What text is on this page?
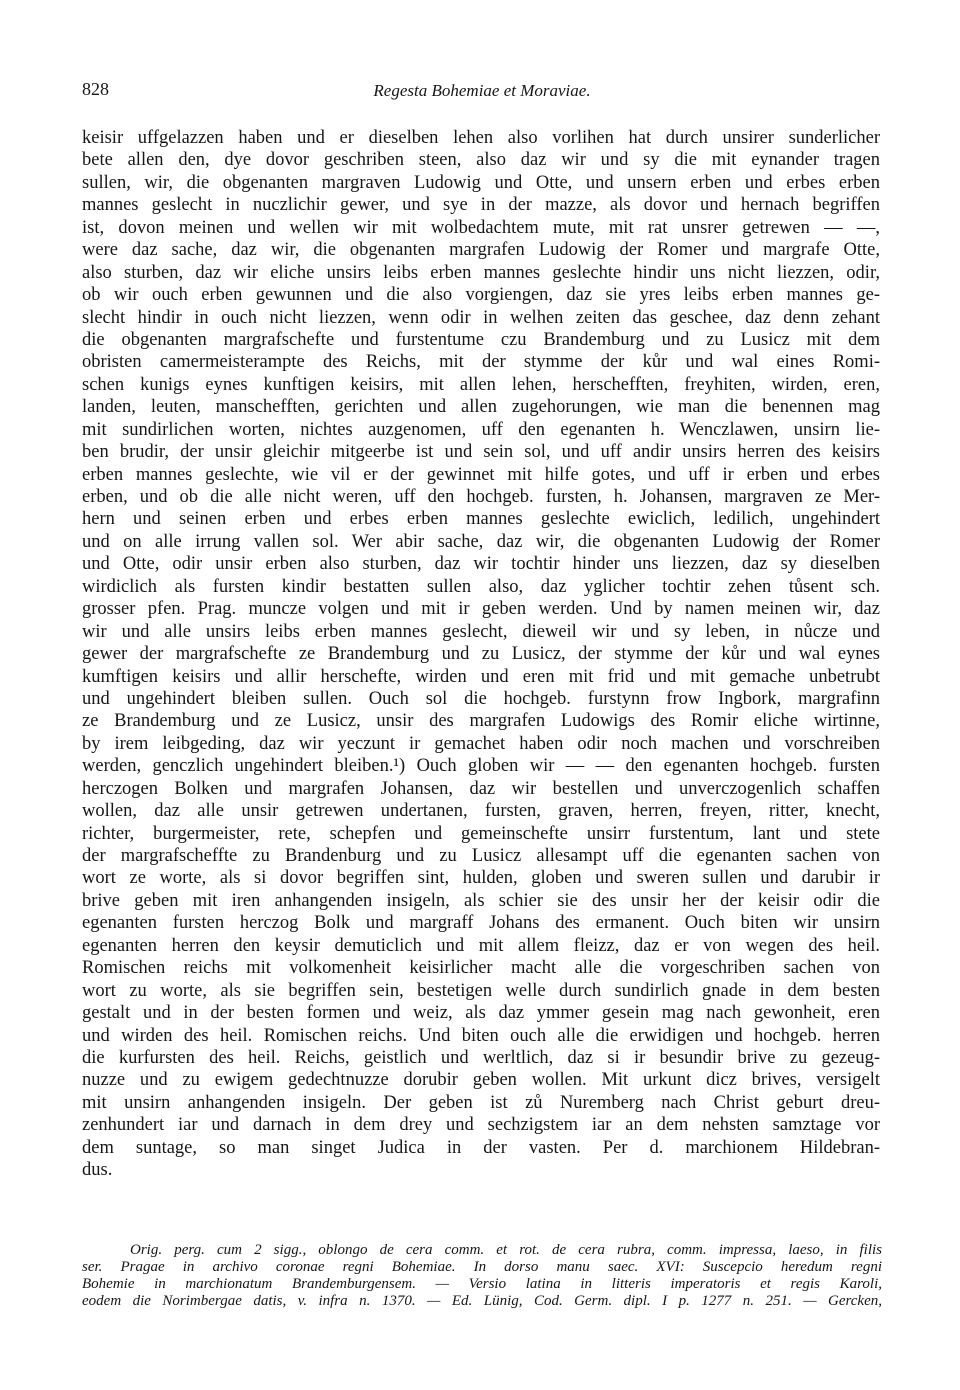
828	Regesta Bohemiae et Moraviae.
keisir uffgelazzen haben und er dieselben lehen also vorlihen hat durch unsirer sunderlicher
bete allen den, dye dovor geschriben steen, also daz wir und sy die mit eynander tragen
sullen, wir, die obgenanten margraven Ludowig und Otte, und unsern erben und erbes erben
mannes geslecht in nuczlichir gewer, und sye in der mazze, als dovor und hernach begriffen
ist, dovon meinen und wellen wir mit wolbedachtem mute, mit rat unsrer getrewen — —,
were daz sache, daz wir, die obgenanten margrafen Ludowig der Romer und margrafe Otte,
also sturben, daz wir eliche unsirs leibs erben mannes geslechte hindir uns nicht liezzen, odir,
ob wir ouch erben gewunnen und die also vorgiengen, daz sie yres leibs erben mannes ge-
slecht hindir in ouch nicht liezzen, wenn odir in welhen zeiten das geschee, daz denn zehant
die obgenanten margrafschefte und furstentume czu Brandemburg und zu Lusicz mit dem
obristen camermeisterampte des Reichs, mit der stymme der kůr und wal eines Romi-
schen kunigs eynes kunftigen keisirs, mit allen lehen, herschefften, freyhiten, wirden, eren,
landen, leuten, manschefften, gerichten und allen zugehorungen, wie man die benennen mag
mit sundirlichen worten, nichtes auzgenomen, uff den egenanten h. Wenczlawen, unsirn lie-
ben brudir, der unsir gleichir mitgeerbe ist und sein sol, und uff andir unsirs herren des keisirs
erben mannes geslechte, wie vil er der gewinnet mit hilfe gotes, und uff ir erben und erbes
erben, und ob die alle nicht weren, uff den hochgeb. fursten, h. Johansen, margraven ze Mer-
hern und seinen erben und erbes erben mannes geslechte ewiclich, ledilich, ungehindert
und on alle irrung vallen sol. Wer abir sache, daz wir, die obgenanten Ludowig der Romer
und Otte, odir unsir erben also sturben, daz wir tochtir hinder uns liezzen, daz sy dieselben
wirdiclich als fursten kindir bestatten sullen also, daz yglicher tochtir zehen tůsent sch.
grosser pfen. Prag. muncze volgen und mit ir geben werden. Und by namen meinen wir, daz
wir und alle unsirs leibs erben mannes geslecht, dieweil wir und sy leben, in nůcze und
gewer der margrafschefte ze Brandemburg und zu Lusicz, der stymme der kůr und wal eynes
kumftigen keisirs und allir herschefte, wirden und eren mit frid und mit gemache unbetrubt
und ungehindert bleiben sullen. Ouch sol die hochgeb. furstynn frow Ingbork, margrafinn
ze Brandemburg und ze Lusicz, unsir des margrafen Ludowigs des Romir eliche wirtinne,
by irem leibgeding, daz wir yeczunt ir gemachet haben odir noch machen und vorschreiben
werden, genczlich ungehindert bleiben.¹) Ouch globen wir — — den egenanten hochgeb. fursten
herczogen Bolken und margrafen Johansen, daz wir bestellen und unverczogenlich schaffen
wollen, daz alle unsir getrewen undertanen, fursten, graven, herren, freyen, ritter, knecht,
richter, burgermeister, rete, schepfen und gemeinschefte unsirr furstentum, lant und stete
der margrafscheffte zu Brandenburg und zu Lusicz allesampt uff die egenanten sachen von
wort ze worte, als si dovor begriffen sint, hulden, globen und sweren sullen und darubir ir
brive geben mit iren anhangenden insigeln, als schier sie des unsir her der keisir odir die
egenanten fursten herczog Bolk und margraff Johans des ermanent. Ouch biten wir unsirn
egenanten herren den keysir demuticlich und mit allem fleizz, daz er von wegen des heil.
Romischen reichs mit volkomenheit keisirlicher macht alle die vorgeschriben sachen von
wort zu worte, als sie begriffen sein, bestetigen welle durch sundirlich gnade in dem besten
gestalt und in der besten formen und weiz, als daz ymmer gesein mag nach gewonheit, eren
und wirden des heil. Romischen reichs. Und biten ouch alle die erwidigen und hochgeb. herren
die kurfursten des heil. Reichs, geistlich und werltlich, daz si ir besundir brive zu gezeug-
nuzze und zu ewigem gedechtnuzze dorubir geben wollen. Mit urkunt dicz brives, versigelt
mit unsirn anhangenden insigeln. Der geben ist zů Nuremberg nach Christ geburt dreu-
zenhundert iar und darnach in dem drey und sechzigstem iar an dem nehsten samztage vor
dem suntage, so man singet Judica in der vasten. Per d. marchionem Hildebran-
dus.
Orig. perg. cum 2 sigg., oblongo de cera comm. et rot. de cera rubra, comm. impressa, laeso, in filis
ser. Pragae in archivo coronae regni Bohemiae. In dorso manu saec. XVI: Suscepcio heredum regni
Bohemie in marchionatum Brandemburgensem. — Versio latina in litteris imperatoris et regis Karoli,
eodem die Norimbergae datis, v. infra n. 1370. — Ed. Lünig, Cod. Germ. dipl. I p. 1277 n. 251. — Gercken,
